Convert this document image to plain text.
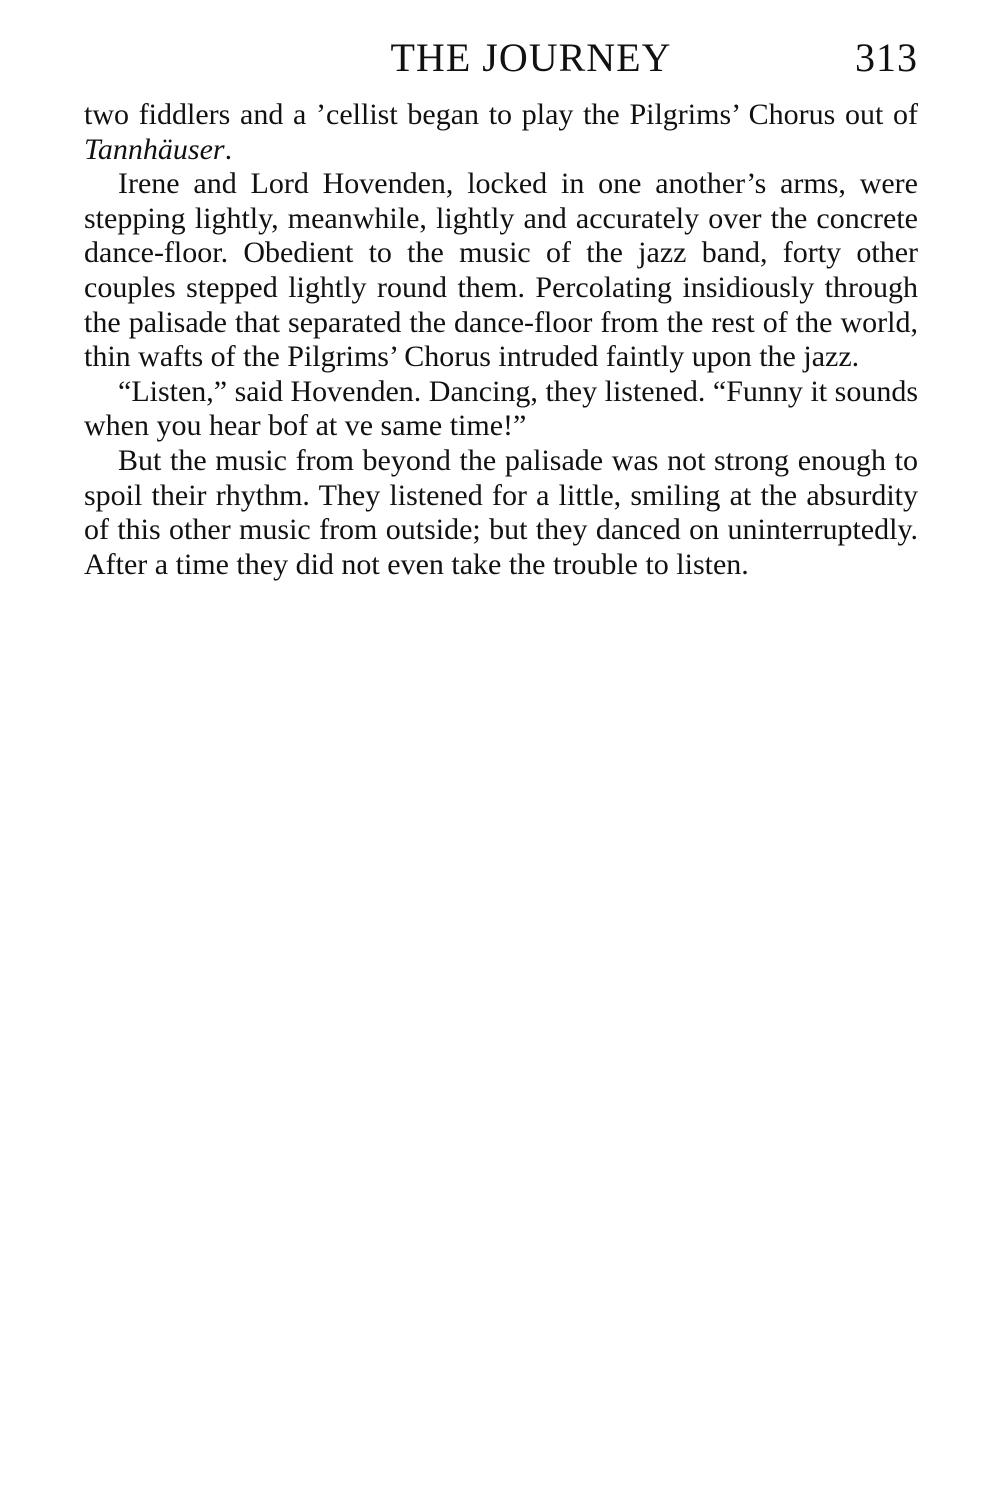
THE JOURNEY	313

two fiddlers and a ’cellist began to play the Pilgrims’ Chorus out of Tannhäuser.

Irene and Lord Hovenden, locked in one another’s arms, were stepping lightly, meanwhile, lightly and accurately over the concrete dance-floor. Obedient to the music of the jazz band, forty other couples stepped lightly round them. Percolating insidiously through the palisade that separated the dance-floor from the rest of the world, thin wafts of the Pilgrims’ Chorus intruded faintly upon the jazz.

“Listen,” said Hovenden. Dancing, they listened. “Funny it sounds when you hear bof at ve same time!”

But the music from beyond the palisade was not strong enough to spoil their rhythm. They listened for a little, smiling at the absurdity of this other music from outside; but they danced on uninterruptedly. After a time they did not even take the trouble to listen.
